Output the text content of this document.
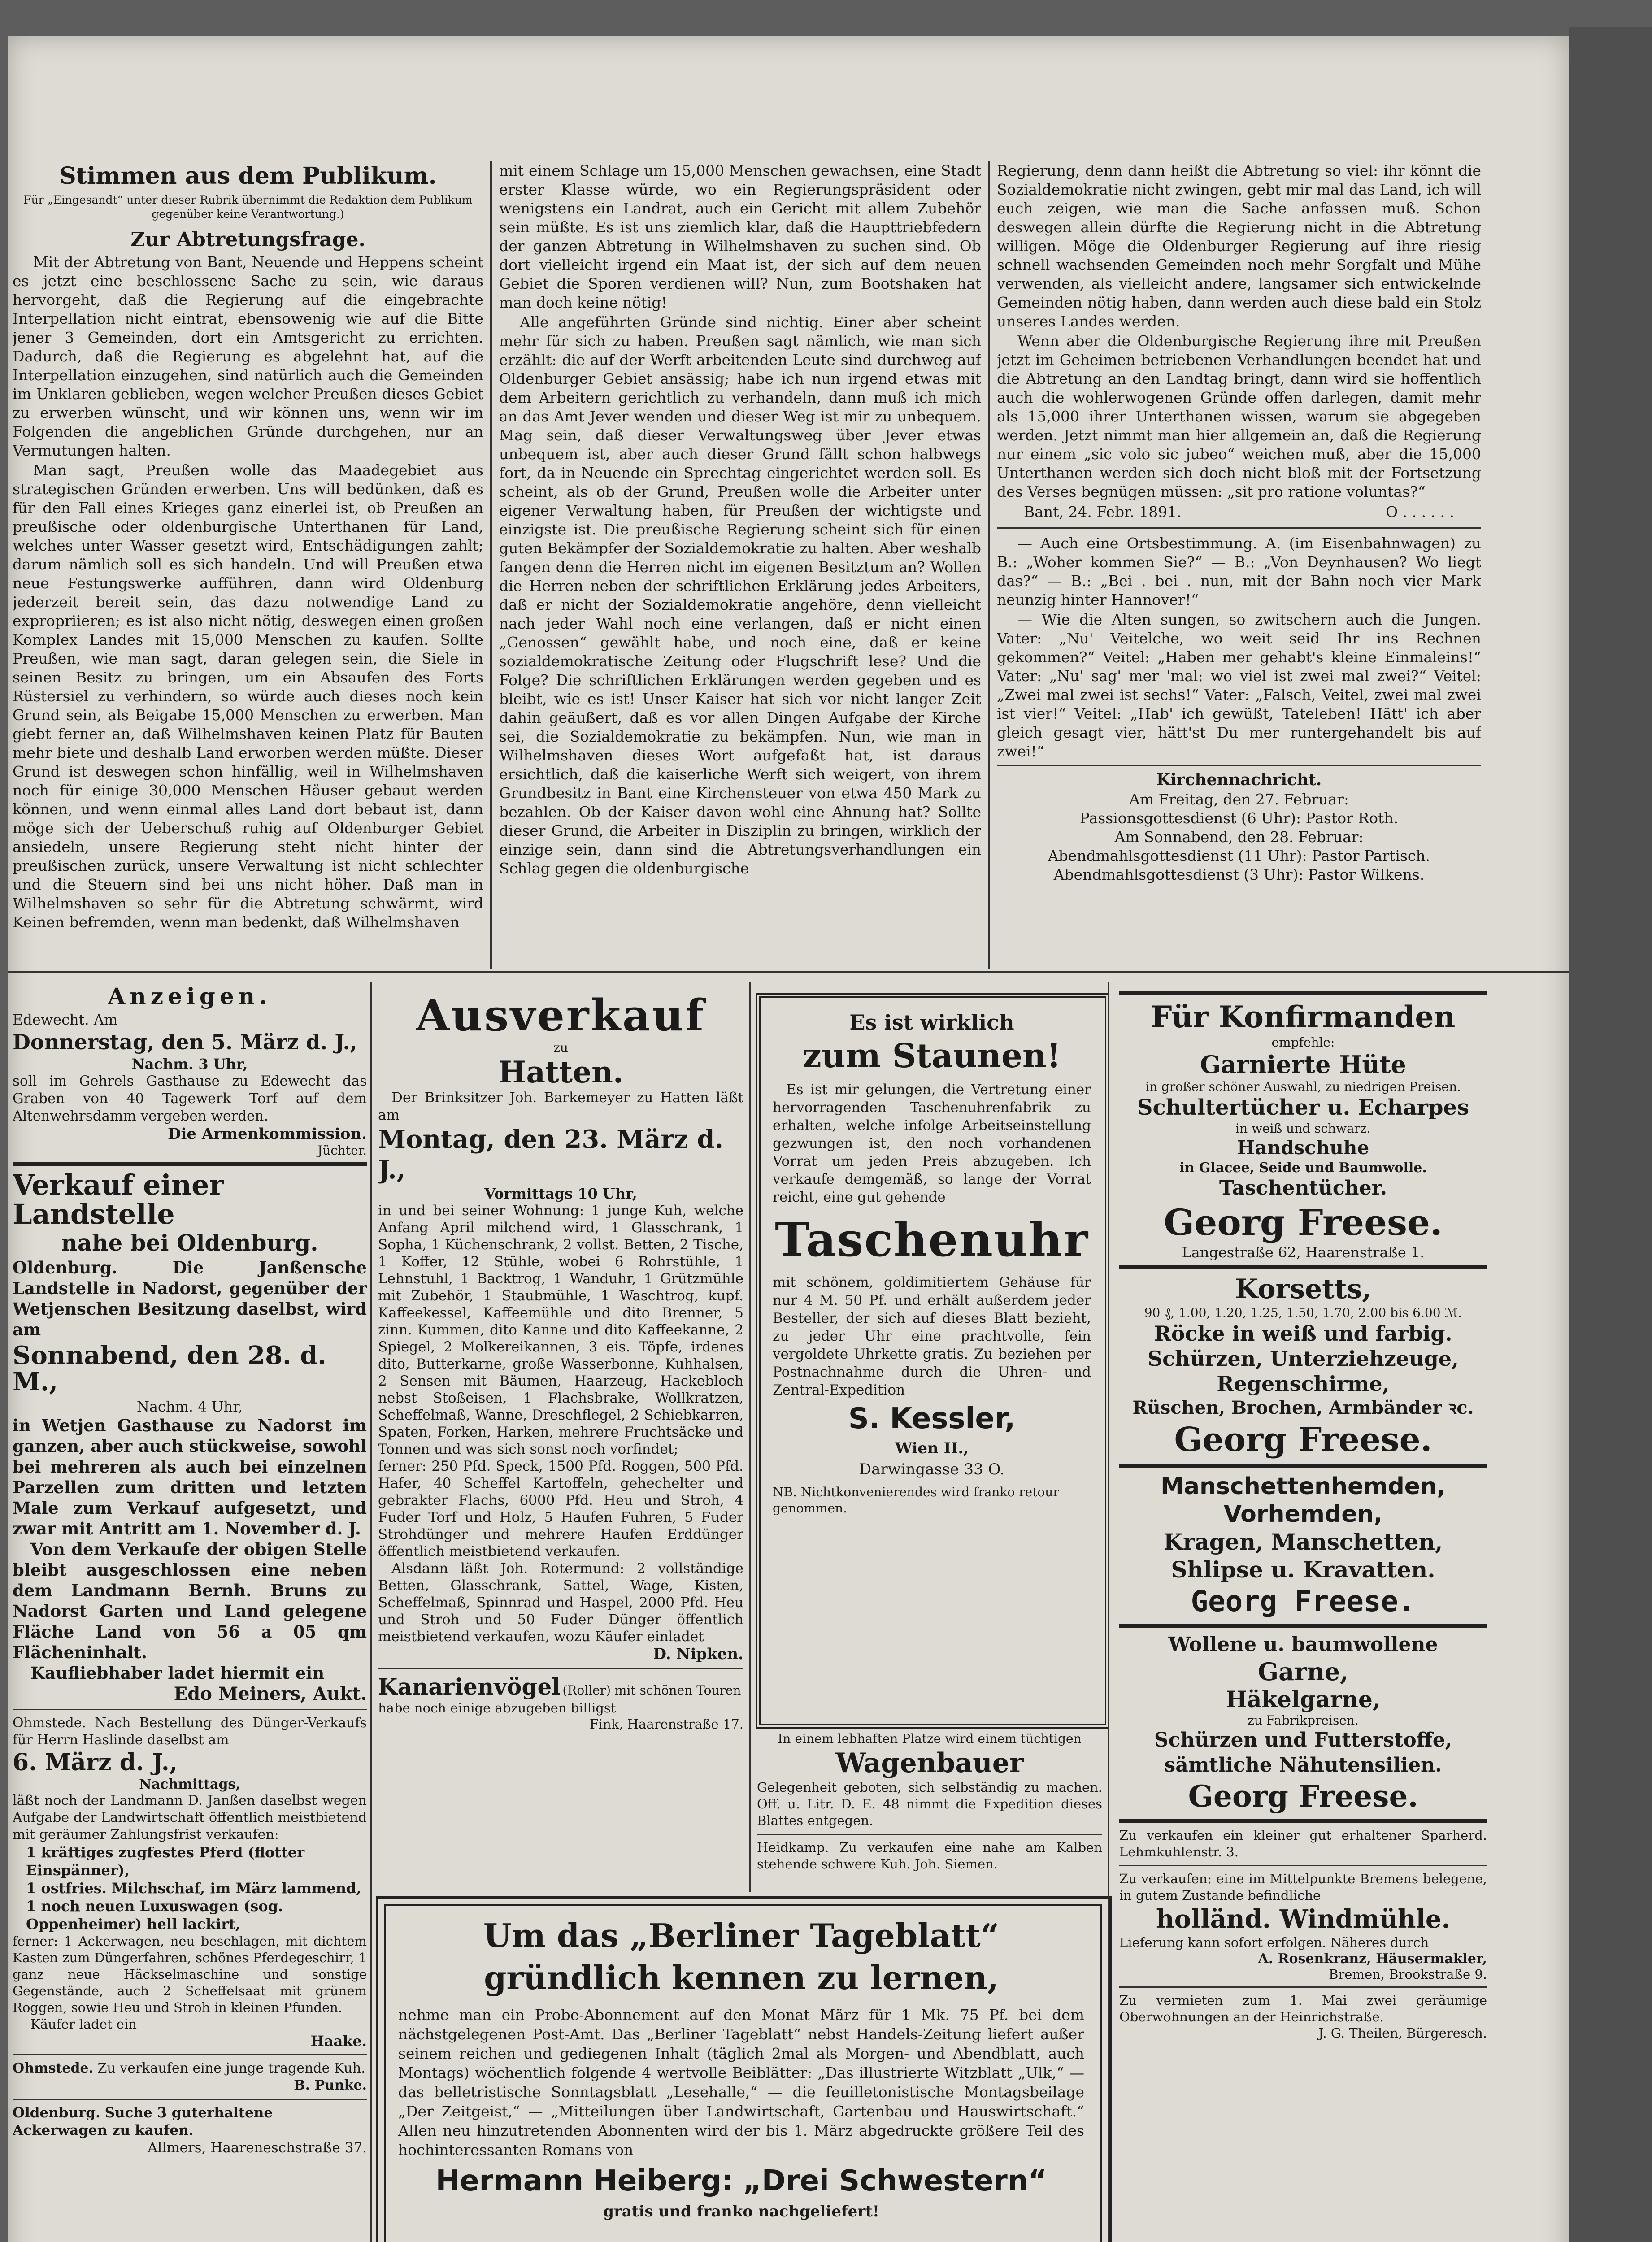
Stimmen aus dem Publikum.
Für „Eingesandt“ unter dieser Rubrik übernimmt die Redaktion dem Publikum gegenüber keine Verantwortung.)
Zur Abtretungsfrage.

Mit der Abtretung von Bant, Neuende und Heppens scheint es jetzt eine beschlossene Sache zu sein, wie daraus hervorgeht, daß die Regierung auf die eingebrachte Interpellation nicht eintrat, ebensowenig wie auf die Bitte jener 3 Gemeinden, dort ein Amtsgericht zu errichten. Dadurch, daß die Regierung es abgelehnt hat, auf die Interpellation einzugehen, sind natürlich auch die Gemeinden im Unklaren geblieben, wegen welcher Preußen dieses Gebiet zu erwerben wünscht, und wir können uns, wenn wir im Folgenden die angeblichen Gründe durchgehen, nur an Vermutungen halten.

Man sagt, Preußen wolle das Maadegebiet aus strategischen Gründen erwerben. Uns will bedünken, daß es für den Fall eines Krieges ganz einerlei ist, ob Preußen an preußische oder oldenburgische Unterthanen für Land, welches unter Wasser gesetzt wird, Entschädigungen zahlt; darum nämlich soll es sich handeln. Und will Preußen etwa neue Festungswerke aufführen, dann wird Oldenburg jederzeit bereit sein, das dazu notwendige Land zu expropriieren; es ist also nicht nötig, deswegen einen großen Komplex Landes mit 15,000 Menschen zu kaufen. Sollte Preußen, wie man sagt, daran gelegen sein, die Siele in seinen Besitz zu bringen, um ein Absaufen des Forts Rüstersiel zu verhindern, so würde auch dieses noch kein Grund sein, als Beigabe 15,000 Menschen zu erwerben. Man giebt ferner an, daß Wilhelmshaven keinen Platz für Bauten mehr biete und deshalb Land erworben werden müßte. Dieser Grund ist deswegen schon hinfällig, weil in Wilhelmshaven noch für einige 30,000 Menschen Häuser gebaut werden können, und wenn einmal alles Land dort bebaut ist, dann möge sich der Ueberschuß ruhig auf Oldenburger Gebiet ansiedeln, unsere Regierung steht nicht hinter der preußischen zurück, unsere Verwaltung ist nicht schlechter und die Steuern sind bei uns nicht höher. Daß man in Wilhelmshaven so sehr für die Abtretung schwärmt, wird Keinen befremden, wenn man bedenkt, daß Wilhelmshaven

mit einem Schlage um 15,000 Menschen gewachsen, eine Stadt erster Klasse würde, wo ein Regierungspräsident oder wenigstens ein Landrat, auch ein Gericht mit allem Zubehör sein müßte. Es ist uns ziemlich klar, daß die Haupttriebfedern der ganzen Abtretung in Wilhelmshaven zu suchen sind. Ob dort vielleicht irgend ein Maat ist, der sich auf dem neuen Gebiet die Sporen verdienen will? Nun, zum Bootshaken hat man doch keine nötig!

Alle angeführten Gründe sind nichtig. Einer aber scheint mehr für sich zu haben. Preußen sagt nämlich, wie man sich erzählt: die auf der Werft arbeitenden Leute sind durchweg auf Oldenburger Gebiet ansässig; habe ich nun irgend etwas mit dem Arbeitern gerichtlich zu verhandeln, dann muß ich mich an das Amt Jever wenden und dieser Weg ist mir zu unbequem. Mag sein, daß dieser Verwaltungsweg über Jever etwas unbequem ist, aber auch dieser Grund fällt schon halbwegs fort, da in Neuende ein Sprechtag eingerichtet werden soll. Es scheint, als ob der Grund, Preußen wolle die Arbeiter unter eigener Verwaltung haben, für Preußen der wichtigste und einzigste ist. Die preußische Regierung scheint sich für einen guten Bekämpfer der Sozialdemokratie zu halten. Aber weshalb fangen denn die Herren nicht im eigenen Besitztum an? Wollen die Herren neben der schriftlichen Erklärung jedes Arbeiters, daß er nicht der Sozialdemokratie angehöre, denn vielleicht nach jeder Wahl noch eine verlangen, daß er nicht einen „Genossen“ gewählt habe, und noch eine, daß er keine sozialdemokratische Zeitung oder Flugschrift lese? Und die Folge? Die schriftlichen Erklärungen werden gegeben und es bleibt, wie es ist! Unser Kaiser hat sich vor nicht langer Zeit dahin geäußert, daß es vor allen Dingen Aufgabe der Kirche sei, die Sozialdemokratie zu bekämpfen. Nun, wie man in Wilhelmshaven dieses Wort aufgefaßt hat, ist daraus ersichtlich, daß die kaiserliche Werft sich weigert, von ihrem Grundbesitz in Bant eine Kirchensteuer von etwa 450 Mark zu bezahlen. Ob der Kaiser davon wohl eine Ahnung hat? Sollte dieser Grund, die Arbeiter in Disziplin zu bringen, wirklich der einzige sein, dann sind die Abtretungsverhandlungen ein Schlag gegen die oldenburgische

Regierung, denn dann heißt die Abtretung so viel: ihr könnt die Sozialdemokratie nicht zwingen, gebt mir mal das Land, ich will euch zeigen, wie man die Sache anfassen muß. Schon deswegen allein dürfte die Regierung nicht in die Abtretung willigen. Möge die Oldenburger Regierung auf ihre riesig schnell wachsenden Gemeinden noch mehr Sorgfalt und Mühe verwenden, als vielleicht andere, langsamer sich entwickelnde Gemeinden nötig haben, dann werden auch diese bald ein Stolz unseres Landes werden.

Wenn aber die Oldenburgische Regierung ihre mit Preußen jetzt im Geheimen betriebenen Verhandlungen beendet hat und die Abtretung an den Landtag bringt, dann wird sie hoffentlich auch die wohlerwogenen Gründe offen darlegen, damit mehr als 15,000 ihrer Unterthanen wissen, warum sie abgegeben werden. Jetzt nimmt man hier allgemein an, daß die Regierung nur einem „sic volo sic jubeo“ weichen muß, aber die 15,000 Unterthanen werden sich doch nicht bloß mit der Fortsetzung des Verses begnügen müssen: „sit pro ratione voluntas?“

Bant, 24. Febr. 1891.	O . . . . . .

— Auch eine Ortsbestimmung. A. (im Eisenbahnwagen) zu B.: „Woher kommen Sie?“ — B.: „Von Deynhausen? Wo liegt das?“ — B.: „Bei . bei . nun, mit der Bahn noch vier Mark neunzig hinter Hannover!“

— Wie die Alten sungen, so zwitschern auch die Jungen. Vater: „Nu' Veitelche, wo weit seid Ihr ins Rechnen gekommen?“ Veitel: „Haben mer gehabt's kleine Einmaleins!“ Vater: „Nu' sag' mer 'mal: wo viel ist zwei mal zwei?“ Veitel: „Zwei mal zwei ist sechs!“ Vater: „Falsch, Veitel, zwei mal zwei ist vier!“ Veitel: „Hab' ich gewüßt, Tateleben! Hätt' ich aber gleich gesagt vier, hätt'st Du mer runtergehandelt bis auf zwei!“

Kirchennachricht.
Am Freitag, den 27. Februar:
Passionsgottesdienst (6 Uhr): Pastor Roth.
Am Sonnabend, den 28. Februar:
Abendmahlsgottesdienst (11 Uhr): Pastor Partisch.
Abendmahlsgottesdienst (3 Uhr): Pastor Wilkens.
Anzeigen.
Edewecht. Am
Donnerstag, den 5. März d. J.,
Nachm. 3 Uhr,
soll im Gehrels Gasthause zu Edewecht das Graben von 40 Tagewerk Torf auf dem Altenwehrsdamm vergeben werden.
Die Armenkommission.
Jüchter.
Verkauf einer Landstelle
nahe bei Oldenburg.
Oldenburg. Die Janßensche Landstelle in Nadorst, gegenüber der Wetjenschen Besitzung daselbst, wird am
Sonnabend, den 28. d. M.,
Nachm. 4 Uhr,
in Wetjen Gasthause zu Nadorst im ganzen, aber auch stückweise, sowohl bei mehreren als auch bei einzelnen Parzellen zum dritten und letzten Male zum Verkauf aufgesetzt, und zwar mit Antritt am 1. November d. J.
Von dem Verkaufe der obigen Stelle bleibt ausgeschlossen eine neben dem Landmann Bernh. Bruns zu Nadorst Garten und Land gelegene Fläche Land von 56 a 05 qm Flächeninhalt.
Kaufliebhaber ladet hiermit ein
Edo Meiners, Aukt.
Ohmstede. Nach Bestellung des Dünger-Verkaufs für Herrn Haslinde daselbst am
6. März d. J.,
Nachmittags,
läßt noch der Landmann D. Janßen daselbst wegen Aufgabe der Landwirtschaft öffentlich meistbietend mit geräumer Zahlungsfrist verkaufen:
1 kräftiges zugfestes Pferd (flotter Einspänner),
1 ostfries. Milchschaf, im März lammend,
1 noch neuen Luxuswagen (sog. Oppenheimer) hell lackirt,
ferner: 1 Ackerwagen, neu beschlagen, mit dichtem Kasten zum Düngerfahren, schönes Pferdegeschirr, 1 ganz neue Häckselmaschine und sonstige Gegenstände, auch 2 Scheffelsaat mit grünem Roggen, sowie Heu und Stroh in kleinen Pfunden.
Käufer ladet ein
Haake.
Ohmstede. Zu verkaufen eine junge tragende Kuh.
B. Punke.
Oldenburg. Suche 3 guterhaltene Ackerwagen zu kaufen.
Allmers, Haareneschstraße 37.
Ausverkauf
zu
Hatten.
Der Brinksitzer Joh. Barkemeyer zu Hatten läßt am
Montag, den 23. März d. J.,
Vormittags 10 Uhr,
in und bei seiner Wohnung: 1 junge Kuh, welche Anfang April milchend wird, 1 Glasschrank, 1 Sopha, 1 Küchenschrank, 2 vollst. Betten, 2 Tische, 1 Koffer, 12 Stühle, wobei 6 Rohrstühle, 1 Lehnstuhl, 1 Backtrog, 1 Wanduhr, 1 Grützmühle mit Zubehör, 1 Staubmühle, 1 Waschtrog, kupf. Kaffeekessel, Kaffeemühle und dito Brenner, 5 zinn. Kummen, dito Kanne und dito Kaffeekanne, 2 Spiegel, 2 Molkereikannen, 3 eis. Töpfe, irdenes dito, Butterkarne, große Wasserbonne, Kuhhalsen, 2 Sensen mit Bäumen, Haarzeug, Hackebloch nebst Stoßeisen, 1 Flachsbrake, Wollkratzen, Scheffelmaß, Wanne, Dreschflegel, 2 Schiebkarren, Spaten, Forken, Harken, mehrere Fruchtsäcke und Tonnen und was sich sonst noch vorfindet;
ferner: 250 Pfd. Speck, 1500 Pfd. Roggen, 500 Pfd. Hafer, 40 Scheffel Kartoffeln, gehechelter und gebrakter Flachs, 6000 Pfd. Heu und Stroh, 4 Fuder Torf und Holz, 5 Haufen Fuhren, 5 Fuder Strohdünger und mehrere Haufen Erddünger öffentlich meistbietend verkaufen.
Alsdann läßt Joh. Rotermund: 2 vollständige Betten, Glasschrank, Sattel, Wage, Kisten, Scheffelmaß, Spinnrad und Haspel, 2000 Pfd. Heu und Stroh und 50 Fuder Dünger öffentlich meistbietend verkaufen, wozu Käufer einladet
D. Nipken.
Kanarienvögel (Roller) mit schönen Touren
habe noch einige abzugeben billigst
Fink, Haarenstraße 17.
Es ist wirklich
zum Staunen!
Es ist mir gelungen, die Vertretung einer hervorragenden Taschenuhrenfabrik zu erhalten, welche infolge Arbeitseinstellung gezwungen ist, den noch vorhandenen Vorrat um jeden Preis abzugeben. Ich verkaufe demgemäß, so lange der Vorrat reicht, eine gut gehende
Taschenuhr
mit schönem, goldimitiertem Gehäuse für nur 4 M. 50 Pf. und erhält außerdem jeder Besteller, der sich auf dieses Blatt bezieht, zu jeder Uhr eine prachtvolle, fein vergoldete Uhrkette gratis. Zu beziehen per Postnachnahme durch die Uhren- und Zentral-Expedition
S. Kessler,
Wien II.,
Darwingasse 33 O.
NB. Nichtkonvenierendes wird franko retour genommen.
In einem lebhaften Platze wird einem tüchtigen
Wagenbauer
Gelegenheit geboten, sich selbständig zu machen. Off. u. Litr. D. E. 48 nimmt die Expedition dieses Blattes entgegen.
Heidkamp. Zu verkaufen eine nahe am Kalben stehende schwere Kuh. Joh. Siemen.
Um das „Berliner Tageblatt“
gründlich kennen zu lernen,
nehme man ein Probe-Abonnement auf den Monat März für 1 Mk. 75 Pf. bei dem nächstgelegenen Post-Amt. Das „Berliner Tageblatt“ nebst Handels-Zeitung liefert außer seinem reichen und gediegenen Inhalt (täglich 2mal als Morgen- und Abendblatt, auch Montags) wöchentlich folgende 4 wertvolle Beiblätter: „Das illustrierte Witzblatt „Ulk,“ — das belletristische Sonntagsblatt „Lesehalle,“ — die feuilletonistische Montagsbeilage „Der Zeitgeist,“ — „Mitteilungen über Landwirtschaft, Gartenbau und Hauswirtschaft.“ Allen neu hinzutretenden Abonnenten wird der bis 1. März abgedruckte größere Teil des hochinteressanten Romans von
Hermann Heiberg: „Drei Schwestern“
gratis und franko nachgeliefert!
Für Konfirmanden
empfehle:
Garnierte Hüte
in großer schöner Auswahl, zu niedrigen Preisen.
Schultertücher u. Echarpes
in weiß und schwarz.
Handschuhe
in Glacee, Seide und Baumwolle.
Taschentücher.
Georg Freese.
Langestraße 62, Haarenstraße 1.
Korsetts,
90 ₰, 1.00, 1.20, 1.25, 1.50, 1.70, 2.00 bis 6.00 ℳ.
Röcke in weiß und farbig.
Schürzen, Unterziehzeuge,
Regenschirme,
Rüschen, Brochen, Armbänder ꝛc.
Georg Freese.
Manschettenhemden,
Vorhemden,
Kragen, Manschetten,
Shlipse u. Kravatten.
Georg Freese.
Wollene u. baumwollene
Garne,
Häkelgarne,
zu Fabrikpreisen.
Schürzen und Futterstoffe,
sämtliche Nähutensilien.
Georg Freese.
Zu verkaufen ein kleiner gut erhaltener Sparherd. Lehmkuhlenstr. 3.
Zu verkaufen: eine im Mittelpunkte Bremens belegene, in gutem Zustande befindliche
holländ. Windmühle.
Lieferung kann sofort erfolgen. Näheres durch
A. Rosenkranz, Häusermakler,
Bremen, Brookstraße 9.
Zu vermieten zum 1. Mai zwei geräumige Oberwohnungen an der Heinrichstraße.
J. G. Theilen, Bürgeresch.
